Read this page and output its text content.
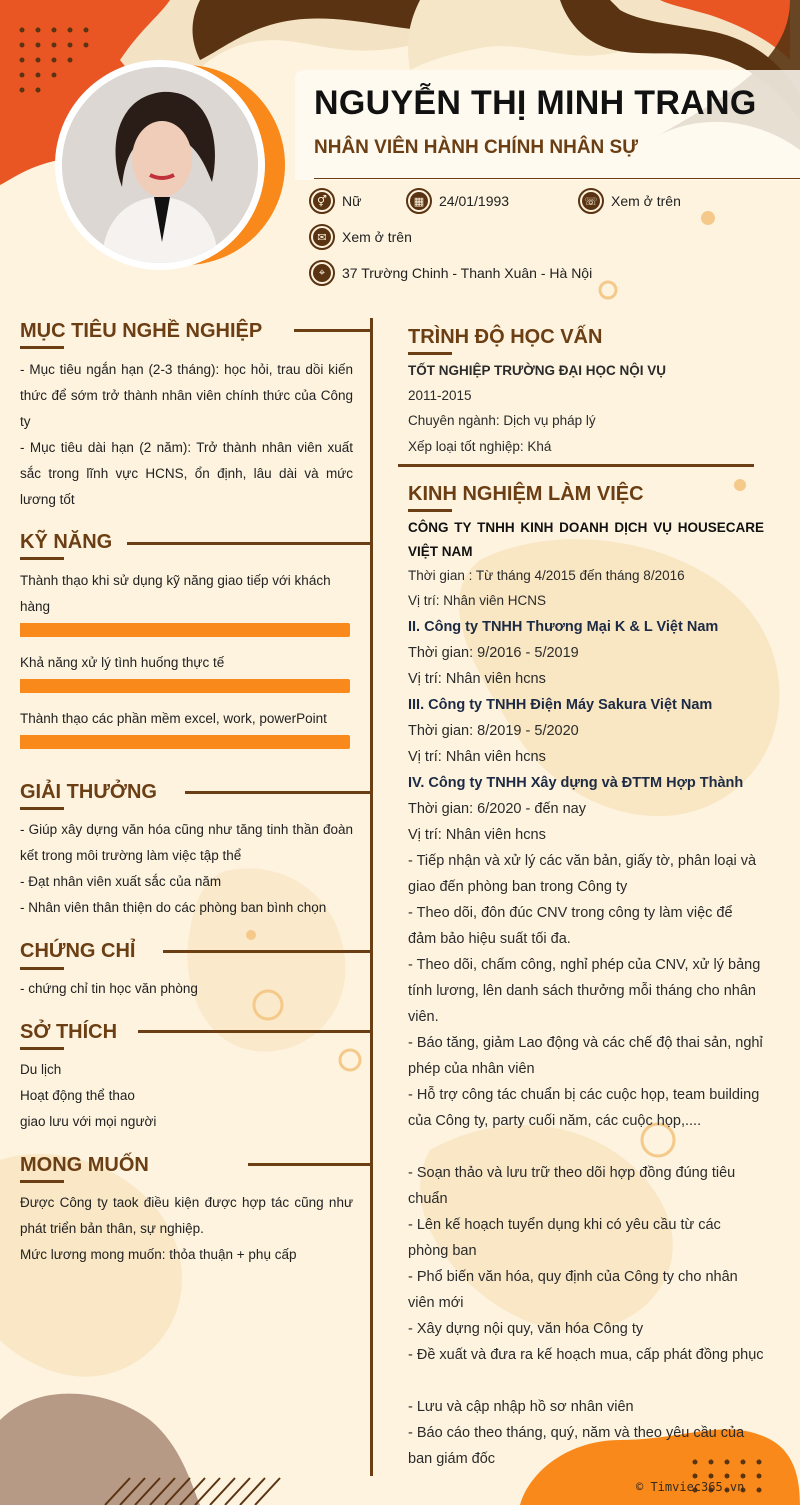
NGUYỄN THỊ MINH TRANG
NHÂN VIÊN HÀNH CHÍNH NHÂN SỰ
⚥ Nữ	▦ 24/01/1993	☏ Xem ở trên
✉	Xem ở trên
⌖	37 Trường Chinh - Thanh Xuân - Hà Nội
MỤC TIÊU NGHỀ NGHIỆP
- Mục tiêu ngắn hạn (2-3 tháng): học hỏi, trau dồi kiến thức để sớm trở thành nhân viên chính thức của Công ty
- Mục tiêu dài hạn (2 năm): Trở thành nhân viên xuất sắc trong lĩnh vực HCNS, ổn định, lâu dài và mức lương tốt
KỸ NĂNG
Thành thạo khi sử dụng kỹ năng giao tiếp với khách hàng
Khả năng xử lý tình huống thực tế
Thành thạo các phần mềm excel, work, powerPoint
GIẢI THƯỞNG
- Giúp xây dựng văn hóa cũng như tăng tinh thần đoàn kết trong môi trường làm việc tập thể
- Đạt nhân viên xuất sắc của năm
- Nhân viên thân thiện do các phòng ban bình chọn
CHỨNG CHỈ
- chứng chỉ tin học văn phòng
SỞ THÍCH
Du lịch
Hoạt động thể thao
giao lưu với mọi người
MONG MUỐN
Được Công ty taok điều kiện được hợp tác cũng như phát triển bản thân, sự nghiệp.
Mức lương mong muốn: thỏa thuận + phụ cấp
TRÌNH ĐỘ HỌC VẤN
TỐT NGHIỆP TRƯỜNG ĐẠI HỌC NỘI VỤ
2011-2015
Chuyên ngành: Dịch vụ pháp lý
Xếp loại tốt nghiệp: Khá
KINH NGHIỆM LÀM VIỆC
CÔNG TY TNHH KINH DOANH DỊCH VỤ HOUSECARE VIỆT NAM
Thời gian : Từ tháng 4/2015 đến tháng 8/2016
Vị trí: Nhân viên HCNS
II. Công ty TNHH Thương Mại K & L Việt Nam
Thời gian: 9/2016 - 5/2019
Vị trí: Nhân viên hcns
III. Công ty TNHH Điện Máy Sakura Việt Nam
Thời gian: 8/2019 - 5/2020
Vị trí: Nhân viên hcns
IV. Công ty TNHH Xây dựng và ĐTTM Hợp Thành
Thời gian: 6/2020 - đến nay
Vị trí: Nhân viên hcns
- Tiếp nhận và xử lý các văn bản, giấy tờ, phân loại và giao đến phòng ban trong Công ty
- Theo dõi, đôn đúc CNV trong công ty làm việc để đảm bảo hiệu suất tối đa.
- Theo dõi, chấm công, nghỉ phép của CNV, xử lý bảng tính lương, lên danh sách thưởng mỗi tháng cho nhân viên.
- Báo tăng, giảm Lao động và các chế độ thai sản, nghỉ phép của nhân viên
- Hỗ trợ công tác chuẩn bị các cuộc họp, team building của Công ty, party cuối năm, các cuộc họp,....
- Soạn thảo và lưu trữ theo dõi hợp đồng đúng tiêu chuẩn
- Lên kế hoạch tuyển dụng khi có yêu cầu từ các phòng ban
- Phổ biến văn hóa, quy định của Công ty cho nhân viên mới
- Xây dựng nội quy, văn hóa Công ty
- Đề xuất và đưa ra kế hoạch mua, cấp phát đồng phục
- Lưu và cập nhập hồ sơ nhân viên
- Báo cáo theo tháng, quý, năm và theo yêu cầu của ban giám đốc
© Timviec365.vn
